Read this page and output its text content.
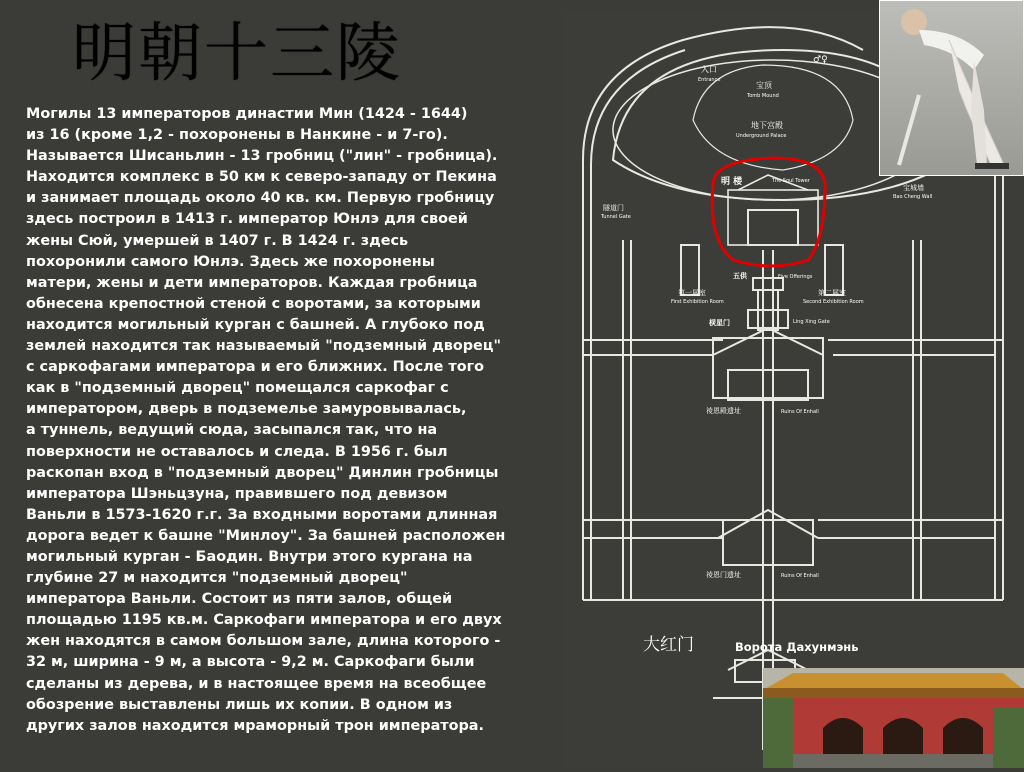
明朝十三陵
Могилы 13 императоров династии Мин (1424 - 1644)
из 16 (кроме 1,2 - похоронены в Нанкине - и 7-го).
Называется Шисаньлин - 13 гробниц ("лин" - гробница).
Находится комплекс в 50 км к северо-западу от Пекина
и занимает площадь около 40 кв. км. Первую гробницу
здесь построил в 1413 г. император Юнлэ для своей
жены Сюй, умершей в 1407 г. В 1424 г. здесь
похоронили самого Юнлэ. Здесь же похоронены
матери, жены и дети императоров. Каждая гробница
обнесена крепостной стеной с воротами, за которыми
находится могильный курган с башней. А глубоко под
землей находится так называемый "подземный дворец"
с саркофагами императора и его ближних. После того
как в "подземный дворец" помещался саркофаг с
императором, дверь в подземелье замуровывалась,
а туннель, ведущий сюда, засыпался так, что на
поверхности не оставалось и следа. В 1956 г. был
раскопан вход в "подземный дворец" Динлин гробницы
императора Шэньцзуна, правившего под девизом
Ваньли в 1573-1620 г.г. За входными воротами длинная
дорога ведет к башне "Минлоу". За башней расположен
могильный курган - Баодин. Внутри этого кургана на
глубине 27 м находится "подземный дворец"
императора Ваньли. Состоит из пяти залов, общей
площадью 1195 кв.м. Саркофаги императора и его двух
жен находятся в самом большом зале, длина которого -
32 м, ширина - 9 м, а высота - 9,2 м. Саркофаги были
сделаны из дерева, и в настоящее время на всеобщее
обозрение выставлены лишь их копии. В одном из
других залов находится мраморный трон императора.
入口
Entrance
宝顶
Tomb Mound
地下宫殿
Underground Palace
明 楼	The Soul Tower
隧道门
Tunnel Gate
宝城墙
Bao Cheng Wall
五供	Five Offerings
第一展室
First Exhibition Room
第二展室
Second Exhibition Room
棂星门	Ling Xing Gate
祾恩殿遗址	Ruins Of Enhall
祾恩门遗址	Ruins Of Enhall
大红门
♂♀
Ворота Дахунмэнь
